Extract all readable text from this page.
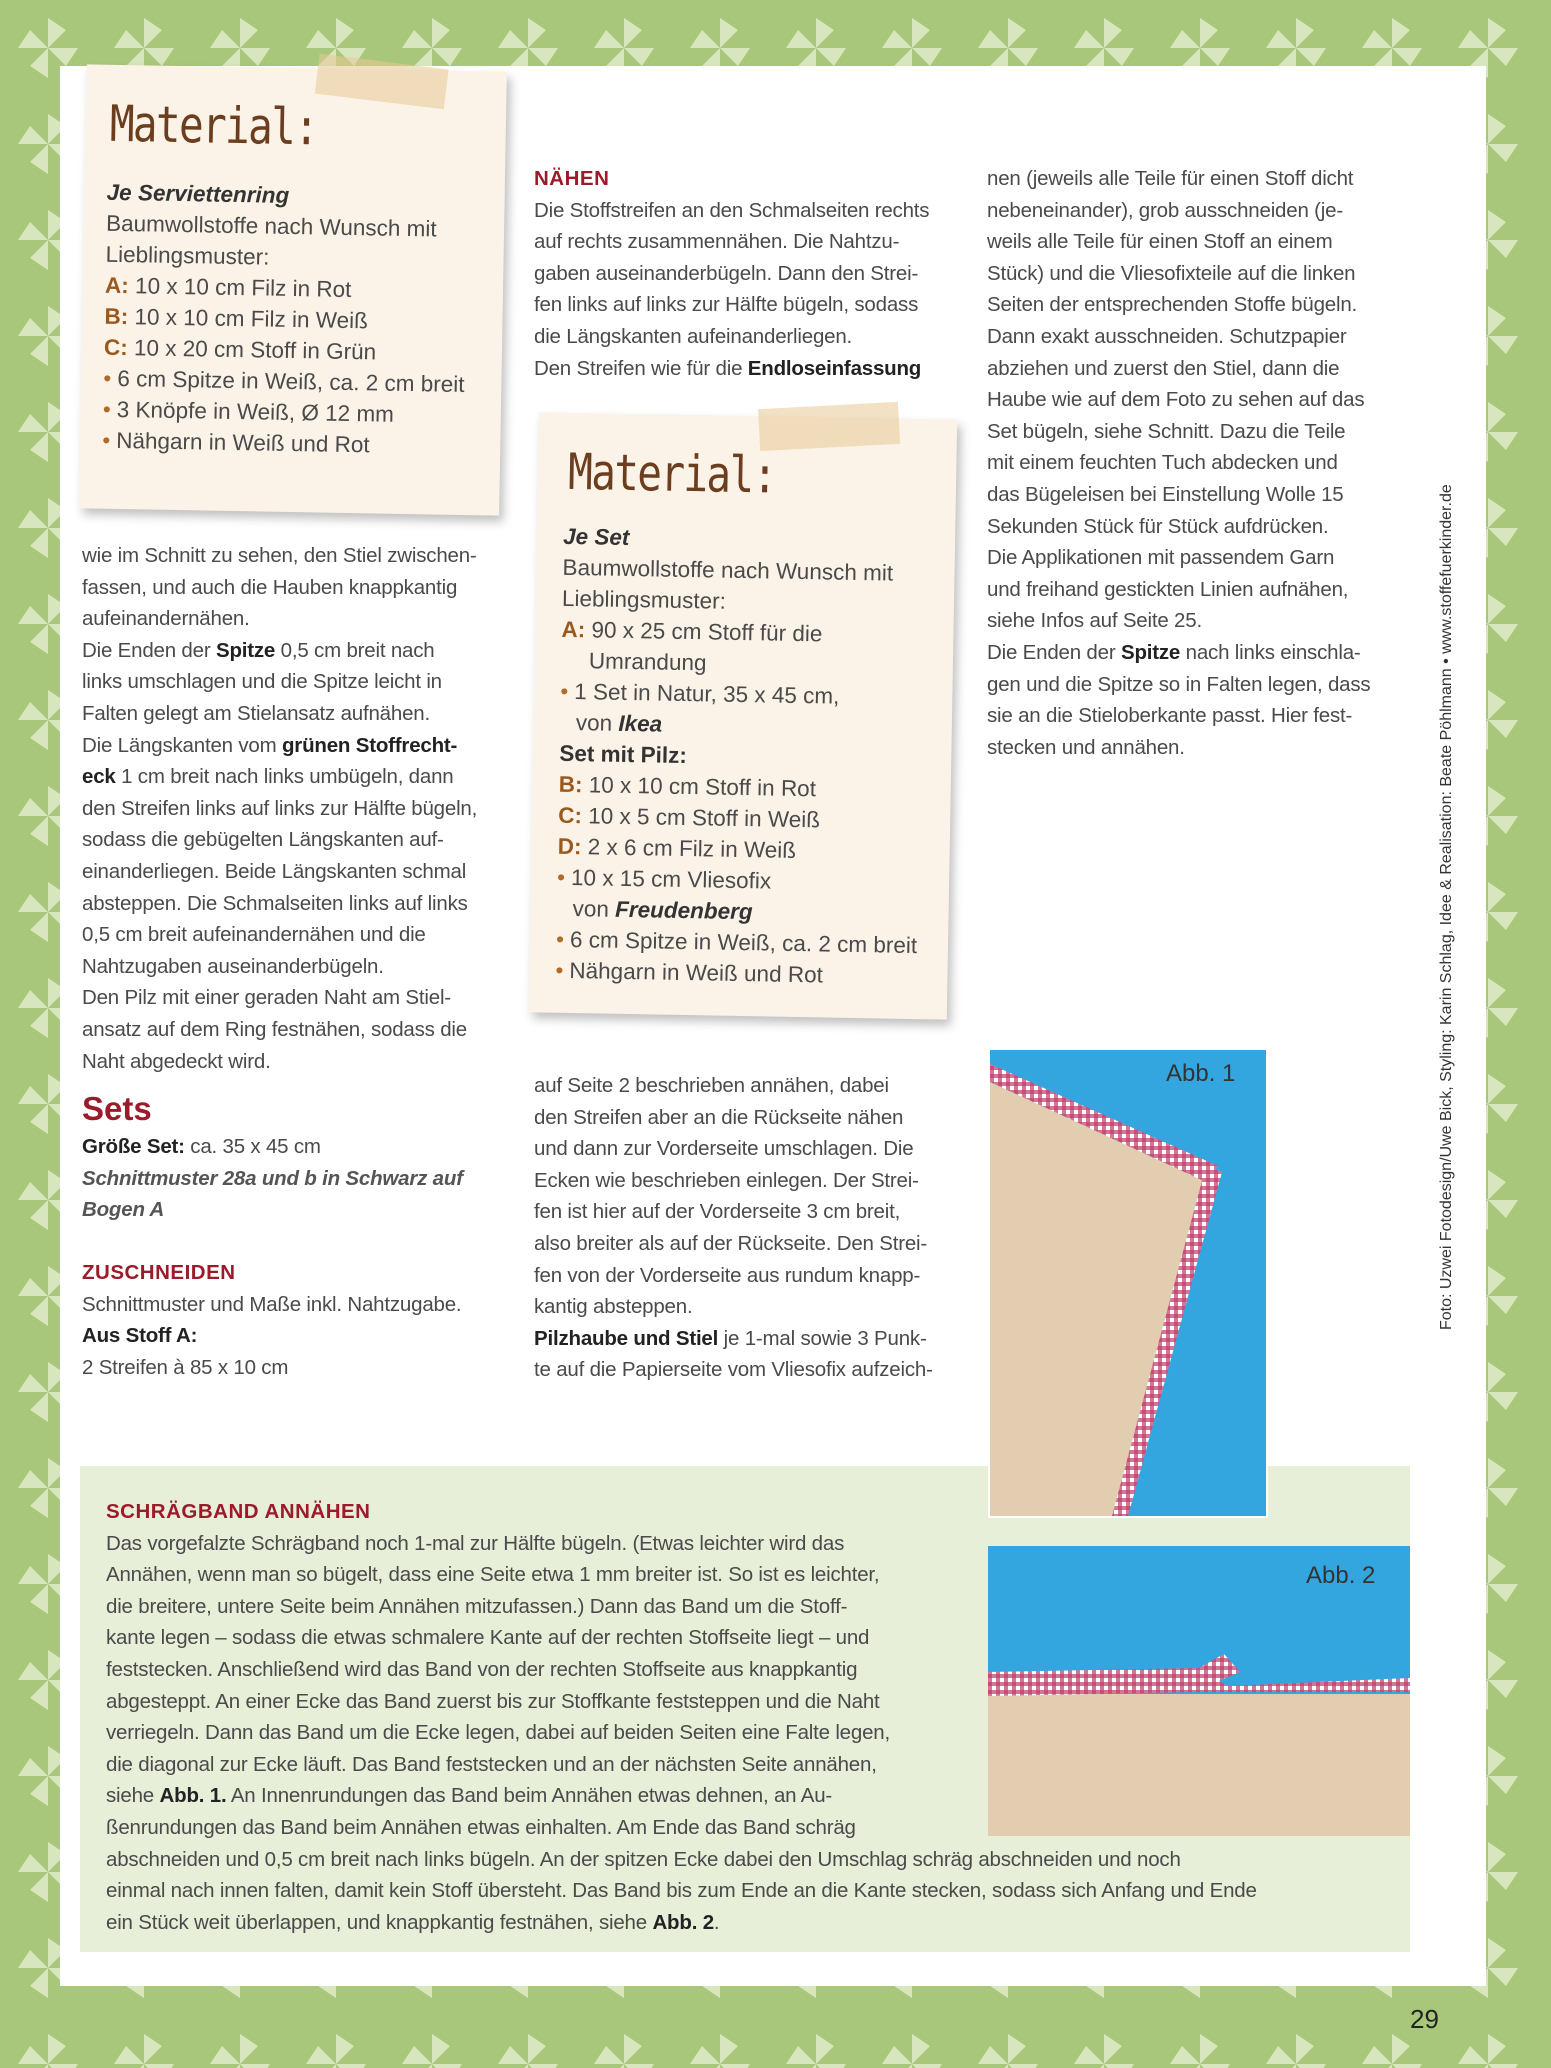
Material:
Je Serviettenring
Baumwollstoffe nach Wunsch mit
Lieblingsmuster:
A: 10 x 10 cm Filz in Rot
B: 10 x 10 cm Filz in Weiß
C: 10 x 20 cm Stoff in Grün
• 6 cm Spitze in Weiß, ca. 2 cm breit
• 3 Knöpfe in Weiß, Ø 12 mm
• Nähgarn in Weiß und Rot
Material:
Je Set
Baumwollstoffe nach Wunsch mit
Lieblingsmuster:
A: 90 x 25 cm Stoff für die
Umrandung
• 1 Set in Natur, 35 x 45 cm,
von Ikea
Set mit Pilz:
B: 10 x 10 cm Stoff in Rot
C: 10 x 5 cm Stoff in Weiß
D: 2 x 6 cm Filz in Weiß
• 10 x 15 cm Vliesofix
von Freudenberg
• 6 cm Spitze in Weiß, ca. 2 cm breit
• Nähgarn in Weiß und Rot
wie im Schnitt zu sehen, den Stiel zwischen-
fassen, und auch die Hauben knappkantig
aufeinandernähen.
Die Enden der Spitze 0,5 cm breit nach
links umschlagen und die Spitze leicht in
Falten gelegt am Stielansatz aufnähen.
Die Längskanten vom grünen Stoffrecht-
eck 1 cm breit nach links umbügeln, dann
den Streifen links auf links zur Hälfte bügeln,
sodass die gebügelten Längskanten auf-
einanderliegen. Beide Längskanten schmal
absteppen. Die Schmalseiten links auf links
0,5 cm breit aufeinandernähen und die
Nahtzugaben auseinanderbügeln.
Den Pilz mit einer geraden Naht am Stiel-
ansatz auf dem Ring festnähen, sodass die
Naht abgedeckt wird.
Sets
Größe Set: ca. 35 x 45 cm
Schnittmuster 28a und b in Schwarz auf
Bogen A
ZUSCHNEIDEN
Schnittmuster und Maße inkl. Nahtzugabe.
Aus Stoff A:
2 Streifen à 85 x 10 cm
NÄHEN
Die Stoffstreifen an den Schmalseiten rechts
auf rechts zusammennähen. Die Nahtzu-
gaben auseinanderbügeln. Dann den Strei-
fen links auf links zur Hälfte bügeln, sodass
die Längskanten aufeinanderliegen.
Den Streifen wie für die Endloseinfassung
auf Seite 2 beschrieben annähen, dabei
den Streifen aber an die Rückseite nähen
und dann zur Vorderseite umschlagen. Die
Ecken wie beschrieben einlegen. Der Strei-
fen ist hier auf der Vorderseite 3 cm breit,
also breiter als auf der Rückseite. Den Strei-
fen von der Vorderseite aus rundum knapp-
kantig absteppen.
Pilzhaube und Stiel je 1-mal sowie 3 Punk-
te auf die Papierseite vom Vliesofix aufzeich-
nen (jeweils alle Teile für einen Stoff dicht
nebeneinander), grob ausschneiden (je-
weils alle Teile für einen Stoff an einem
Stück) und die Vliesofixteile auf die linken
Seiten der entsprechenden Stoffe bügeln.
Dann exakt ausschneiden. Schutzpapier
abziehen und zuerst den Stiel, dann die
Haube wie auf dem Foto zu sehen auf das
Set bügeln, siehe Schnitt. Dazu die Teile
mit einem feuchten Tuch abdecken und
das Bügeleisen bei Einstellung Wolle 15
Sekunden Stück für Stück aufdrücken.
Die Applikationen mit passendem Garn
und freihand gestickten Linien aufnähen,
siehe Infos auf Seite 25.
Die Enden der Spitze nach links einschla-
gen und die Spitze so in Falten legen, dass
sie an die Stieloberkante passt. Hier fest-
stecken und annähen.
SCHRÄGBAND ANNÄHEN
Das vorgefalzte Schrägband noch 1-mal zur Hälfte bügeln. (Etwas leichter wird das
Annähen, wenn man so bügelt, dass eine Seite etwa 1 mm breiter ist. So ist es leichter,
die breitere, untere Seite beim Annähen mitzufassen.) Dann das Band um die Stoff-
kante legen – sodass die etwas schmalere Kante auf der rechten Stoffseite liegt – und
feststecken. Anschließend wird das Band von der rechten Stoffseite aus knappkantig
abgesteppt. An einer Ecke das Band zuerst bis zur Stoffkante feststeppen und die Naht
verriegeln. Dann das Band um die Ecke legen, dabei auf beiden Seiten eine Falte legen,
die diagonal zur Ecke läuft. Das Band feststecken und an der nächsten Seite annähen,
siehe Abb. 1. An Innenrundungen das Band beim Annähen etwas dehnen, an Au-
ßenrundungen das Band beim Annähen etwas einhalten. Am Ende das Band schräg
abschneiden und 0,5 cm breit nach links bügeln. An der spitzen Ecke dabei den Umschlag schräg abschneiden und noch
einmal nach innen falten, damit kein Stoff übersteht. Das Band bis zum Ende an die Kante stecken, sodass sich Anfang und Ende
ein Stück weit überlappen, und knappkantig festnähen, siehe Abb. 2.
Abb. 1
Abb. 2
Foto: Uzwei Fotodesign/Uwe Bick, Styling: Karin Schlag, Idee & Realisation: Beate Pöhlmann • www.stoffefuerkinder.de
29
